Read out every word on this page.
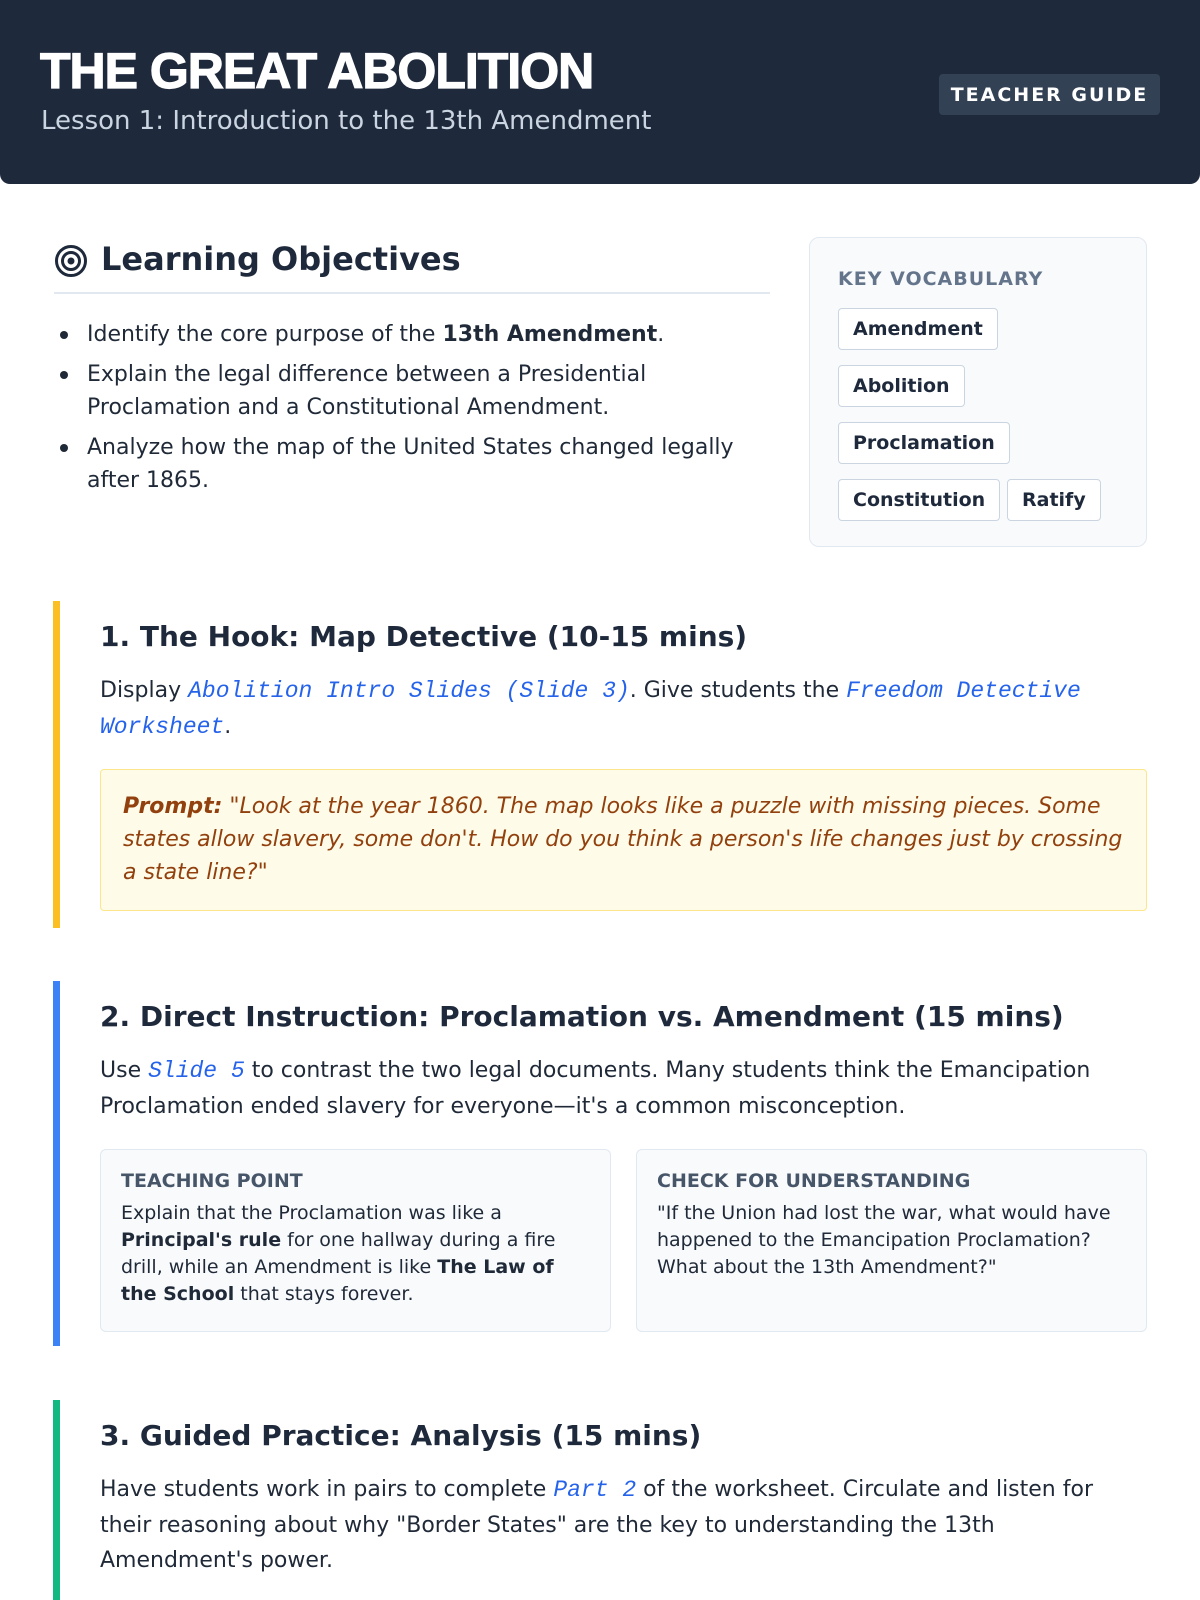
THE GREAT ABOLITION
Lesson 1: Introduction to the 13th Amendment
TEACHER GUIDE
Learning Objectives
Identify the core purpose of the 13th Amendment.
Explain the legal difference between a Presidential Proclamation and a Constitutional Amendment.
Analyze how the map of the United States changed legally after 1865.
KEY VOCABULARY
Amendment
Abolition
Proclamation
Constitution	Ratify
1. The Hook: Map Detective (10-15 mins)
Display Abolition Intro Slides (Slide 3). Give students the Freedom Detective Worksheet.
Prompt: "Look at the year 1860. The map looks like a puzzle with missing pieces. Some states allow slavery, some don't. How do you think a person's life changes just by crossing a state line?"
2. Direct Instruction: Proclamation vs. Amendment (15 mins)
Use Slide 5 to contrast the two legal documents. Many students think the Emancipation Proclamation ended slavery for everyone—it's a common misconception.
TEACHING POINT
Explain that the Proclamation was like a Principal's rule for one hallway during a fire drill, while an Amendment is like The Law of the School that stays forever.
CHECK FOR UNDERSTANDING
"If the Union had lost the war, what would have happened to the Emancipation Proclamation? What about the 13th Amendment?"
3. Guided Practice: Analysis (15 mins)
Have students work in pairs to complete Part 2 of the worksheet. Circulate and listen for their reasoning about why "Border States" are the key to understanding the 13th Amendment's power.
